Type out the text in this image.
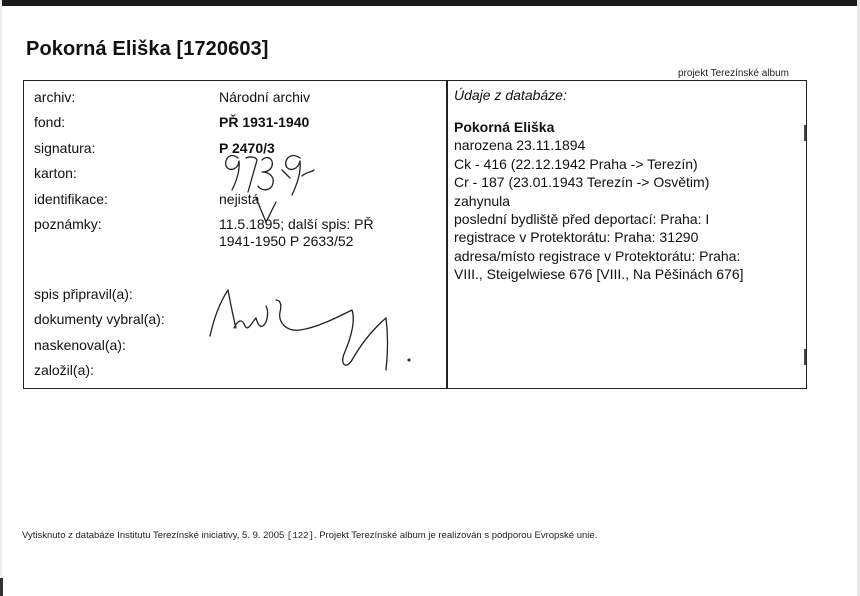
Pokorná Eliška [1720603]
projekt Terezínské album
archiv:
fond:
signatura:
karton:
identifikace:
poznámky:
spis připravil(a):
dokumenty vybral(a):
naskenoval(a):
založil(a):
Národní archiv
PŘ 1931-1940
P 2470/3
nejistá
11.5.1895; další spis: PŘ 1941-1950 P 2633/52
Údaje z databáze:
Pokorná Eliška
narozena 23.11.1894
Ck - 416 (22.12.1942 Praha -> Terezín)
Cr - 187 (23.01.1943 Terezín -> Osvětim)
zahynula
poslední bydliště před deportací: Praha: I
registrace v Protektorátu: Praha: 31290
adresa/místo registrace v Protektorátu: Praha:
VIII., Steigelwiese 676 [VIII., Na Pěšinách 676]
Vytisknuto z databáze Institutu Terezínské iniciativy, 5. 9. 2005 [122]. Projekt Terezínské album je realizován s podporou Evropské unie.
